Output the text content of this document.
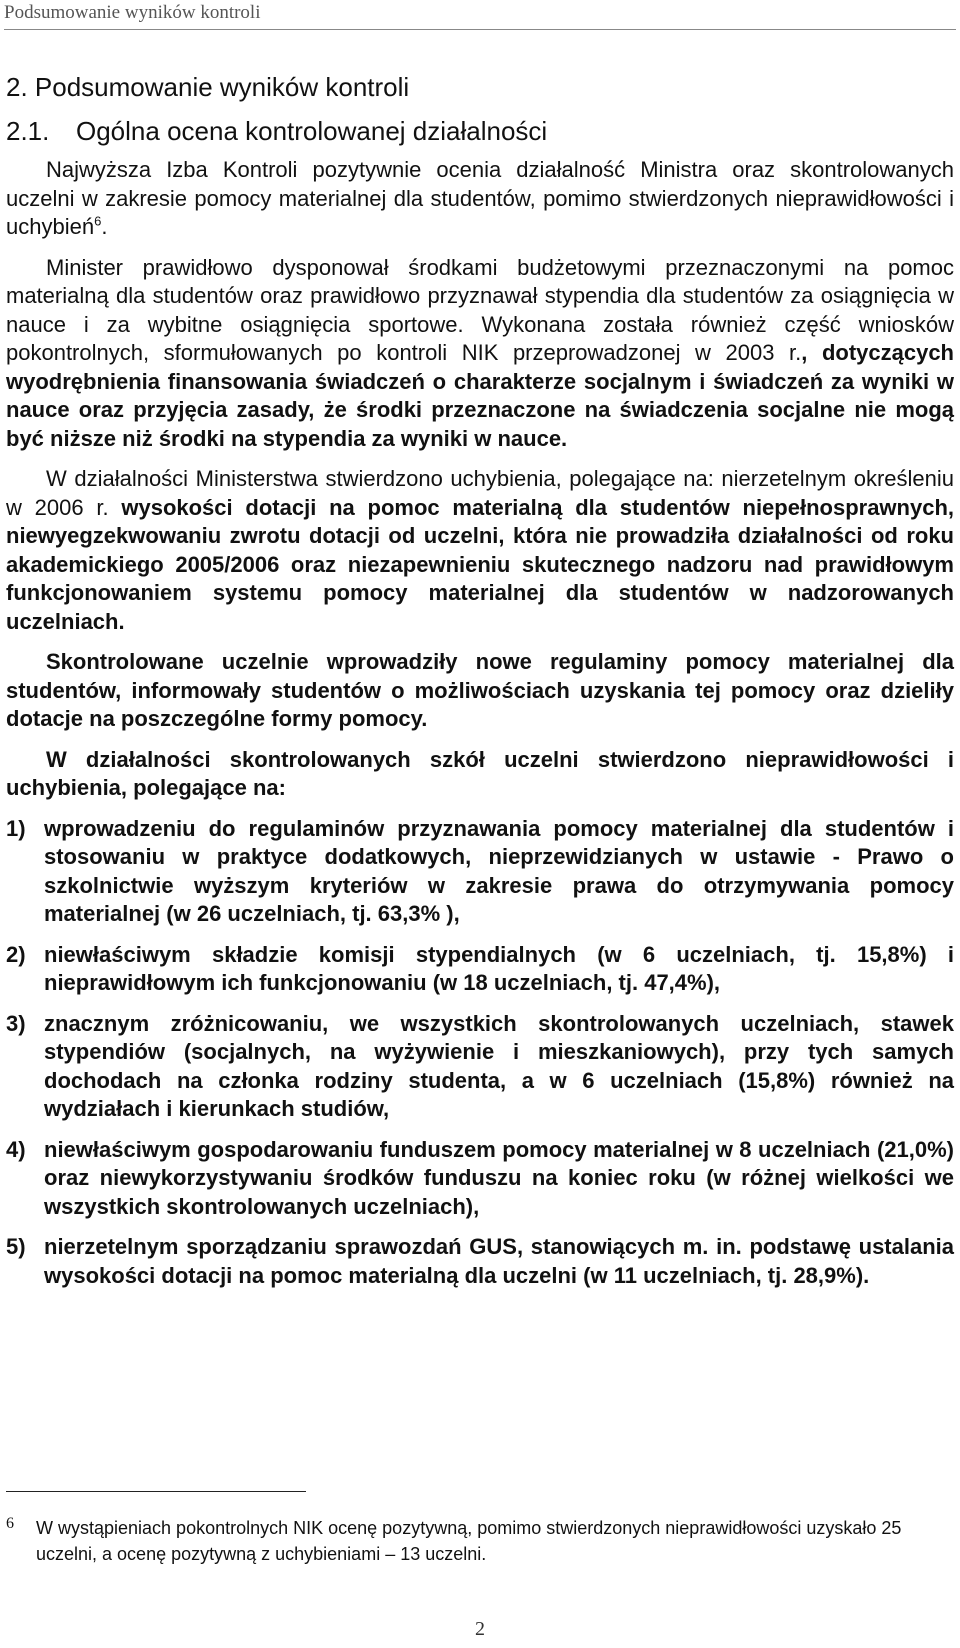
Podsumowanie wyników kontroli
2. Podsumowanie wyników kontroli
2.1. Ogólna ocena kontrolowanej działalności

Najwyższa Izba Kontroli pozytywnie ocenia działalność Ministra oraz skontrolowanych uczelni w zakresie pomocy materialnej dla studentów, pomimo stwierdzonych nieprawidłowości i uchybień$^6$.

Minister prawidłowo dysponował środkami budżetowymi przeznaczonymi na pomoc materialną dla studentów oraz prawidłowo przyznawał stypendia dla studentów za osiągnięcia w nauce i za wybitne osiągnięcia sportowe. Wykonana została również część wniosków pokontrolnych, sformułowanych po kontroli NIK przeprowadzonej w 2003 r., dotyczących wyodrębnienia finansowania świadczeń o charakterze socjalnym i świadczeń za wyniki w nauce oraz przyjęcia zasady, że środki przeznaczone na świadczenia socjalne nie mogą być niższe niż środki na stypendia za wyniki w nauce.

W działalności Ministerstwa stwierdzono uchybienia, polegające na: nierzetelnym określeniu w 2006 r. wysokości dotacji na pomoc materialną dla studentów niepełnosprawnych, niewyegzekwowaniu zwrotu dotacji od uczelni, która nie prowadziła działalności od roku akademickiego 2005/2006 oraz niezapewnieniu skutecznego nadzoru nad prawidłowym funkcjonowaniem systemu pomocy materialnej dla studentów w nadzorowanych uczelniach.

Skontrolowane uczelnie wprowadziły nowe regulaminy pomocy materialnej dla studentów, informowały studentów o możliwościach uzyskania tej pomocy oraz dzieliły dotacje na poszczególne formy pomocy.

W działalności skontrolowanych szkół uczelni stwierdzono nieprawidłowości i uchybienia, polegające na:

1) wprowadzeniu do regulaminów przyznawania pomocy materialnej dla studentów i stosowaniu w praktyce dodatkowych, nieprzewidzianych w ustawie - Prawo o szkolnictwie wyższym kryteriów w zakresie prawa do otrzymywania pomocy materialnej (w 26 uczelniach, tj. 63,3% ),
2) niewłaściwym składzie komisji stypendialnych (w 6 uczelniach, tj. 15,8%) i nieprawidłowym ich funkcjonowaniu (w 18 uczelniach, tj. 47,4%),
3) znacznym zróżnicowaniu, we wszystkich skontrolowanych uczelniach, stawek stypendiów (socjalnych, na wyżywienie i mieszkaniowych), przy tych samych dochodach na członka rodziny studenta, a w 6 uczelniach (15,8%) również na wydziałach i kierunkach studiów,
4) niewłaściwym gospodarowaniu funduszem pomocy materialnej w 8 uczelniach (21,0%) oraz niewykorzystywaniu środków funduszu na koniec roku (w różnej wielkości we wszystkich skontrolowanych uczelniach),
5) nierzetelnym sporządzaniu sprawozdań GUS, stanowiących m. in. podstawę ustalania wysokości dotacji na pomoc materialną dla uczelni (w 11 uczelniach, tj. 28,9%).
6 W wystąpieniach pokontrolnych NIK ocenę pozytywną, pomimo stwierdzonych nieprawidłowości uzyskało 25 uczelni, a ocenę pozytywną z uchybieniami – 13 uczelni.
2
